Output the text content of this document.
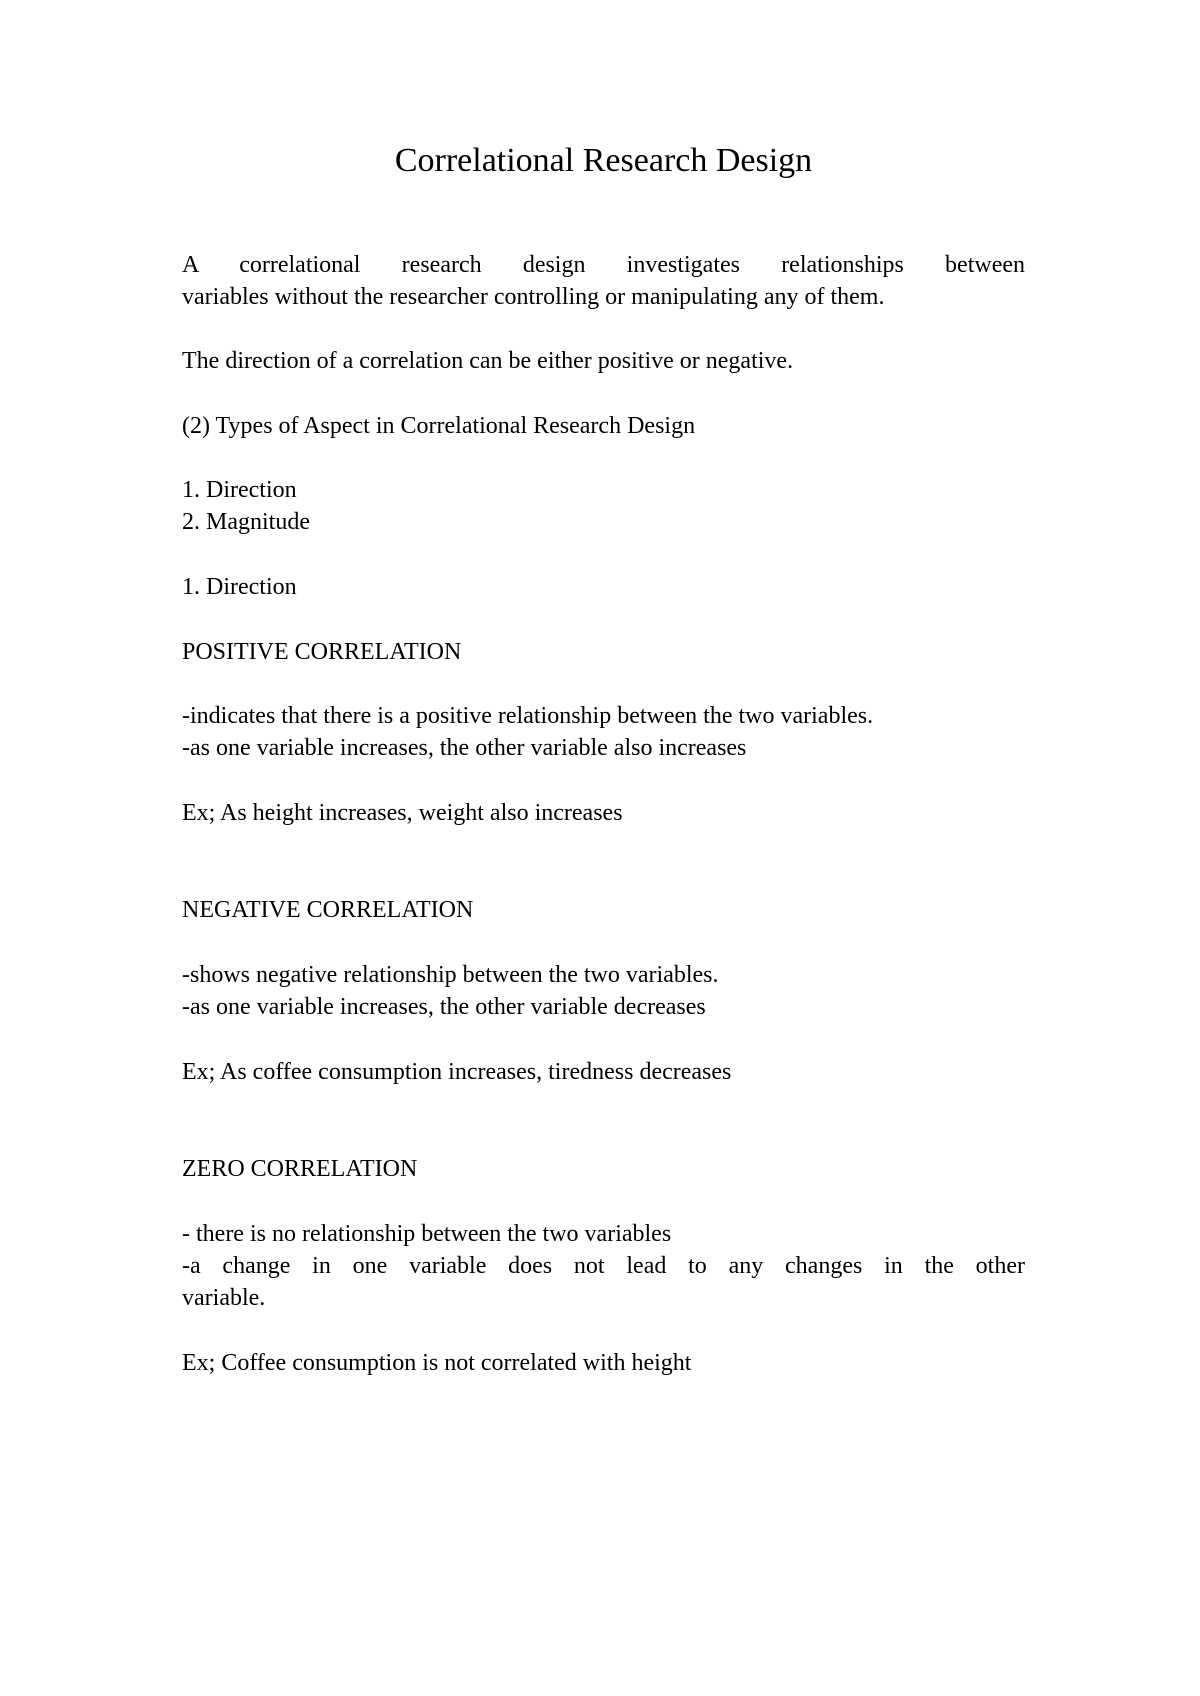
Correlational Research Design
A correlational research design investigates relationships between
variables without the researcher controlling or manipulating any of them.
The direction of a correlation can be either positive or negative.
(2) Types of Aspect in Correlational Research Design
1. Direction
2. Magnitude
1. Direction
POSITIVE CORRELATION
-indicates that there is a positive relationship between the two variables.
-as one variable increases, the other variable also increases
Ex; As height increases, weight also increases
NEGATIVE CORRELATION
-shows negative relationship between the two variables.
-as one variable increases, the other variable decreases
Ex; As coffee consumption increases, tiredness decreases
ZERO CORRELATION
- there is no relationship between the two variables
-a change in one variable does not lead to any changes in the other
variable.
Ex; Coffee consumption is not correlated with height
